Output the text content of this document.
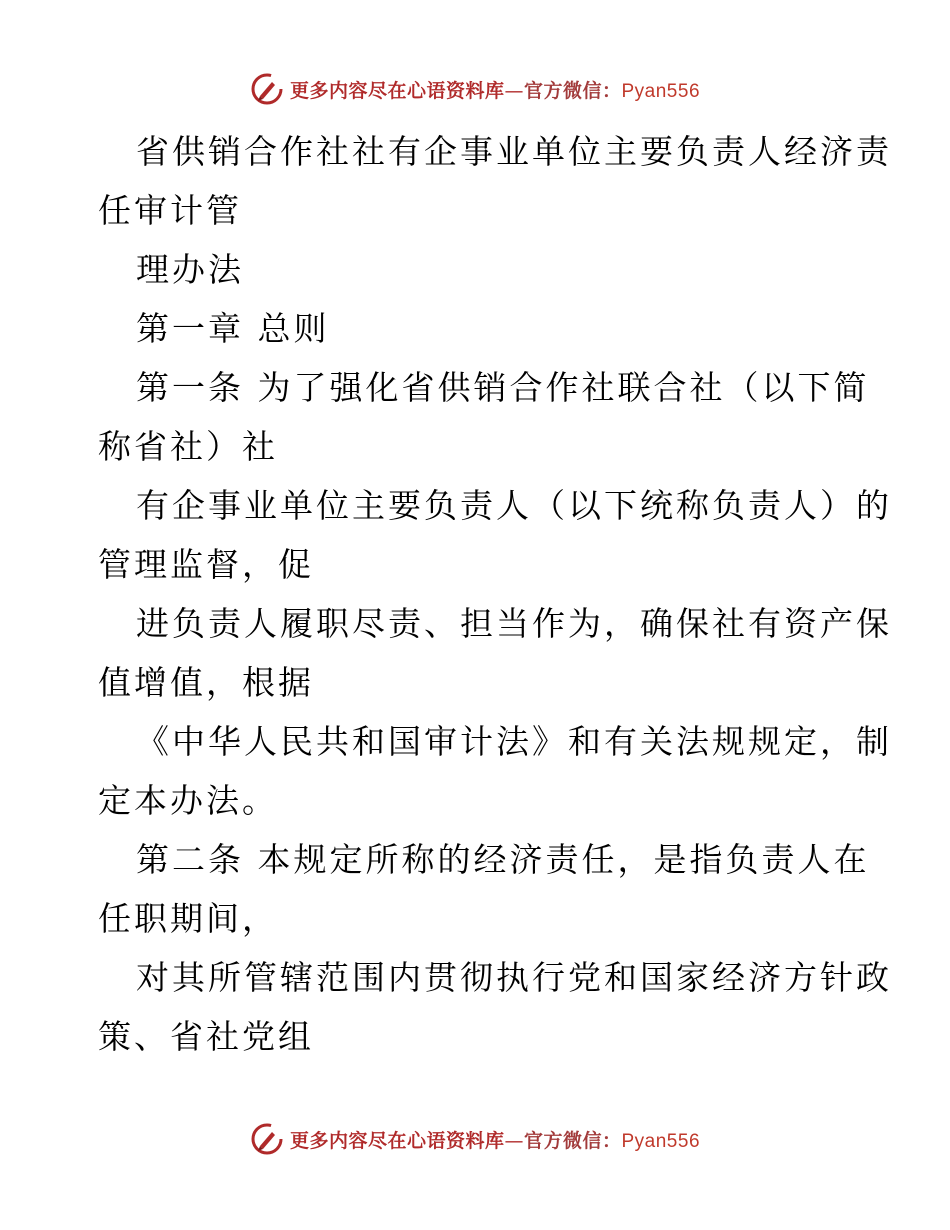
更多内容尽在心语资料库—官方微信：Pyan556
省供销合作社社有企事业单位主要负责人经济责
任审计管
理办法
第一章 总则
第一条 为了强化省供销合作社联合社（以下简
称省社）社
有企事业单位主要负责人（以下统称负责人）的
管理监督，促
进负责人履职尽责、担当作为，确保社有资产保
值增值，根据
《中华人民共和国审计法》和有关法规规定，制
定本办法。
第二条 本规定所称的经济责任，是指负责人在
任职期间，
对其所管辖范围内贯彻执行党和国家经济方针政
策、省社党组
更多内容尽在心语资料库—官方微信：Pyan556
